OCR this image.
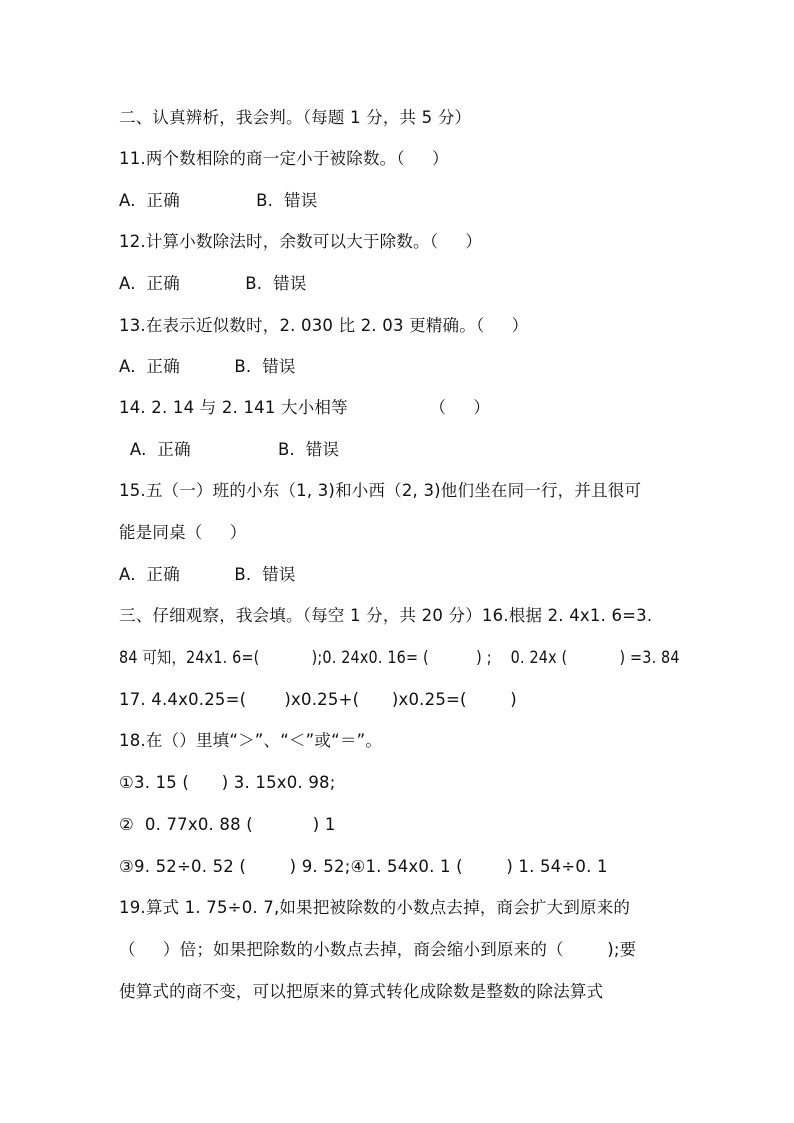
二、认真辨析，我会判。（每题 1 分，共 5 分）
11.两个数相除的商一定小于被除数。（     ）
A.  正确              B.  错误
12.计算小数除法时，余数可以大于除数。（     ）
A.  正确            B.  错误
13.在表示近似数时，2. 030 比 2. 03 更精确。（     ）
A.  正确          B.  错误
14. 2. 14 与 2. 141 大小相等               （     ）
A.  正确                B.  错误
15.五（一）班的小东（1, 3)和小西（2, 3)他们坐在同一行，并且很可
能是同桌（     ）
A.  正确          B.  错误
三、仔细观察，我会填。（每空 1 分，共 20 分）16.根据 2. 4x1. 6=3.
84 可知，24x1. 6=(           );0. 24x0. 16= (          ) ;    0. 24x (           ) =3. 84
17. 4.4x0.25=(       )x0.25+(      )x0.25=(        )
18.在（）里填“＞”、“＜”或“＝”。
①3. 15 (      ) 3. 15x0. 98;
②  0. 77x0. 88 (           ) 1
③9. 52÷0. 52 (        ) 9. 52;④1. 54x0. 1 (        ) 1. 54÷0. 1
19.算式 1. 75÷0. 7,如果把被除数的小数点去掉，商会扩大到原来的
（     ）倍；如果把除数的小数点去掉，商会缩小到原来的（        );要
使算式的商不变，可以把原来的算式转化成除数是整数的除法算式
